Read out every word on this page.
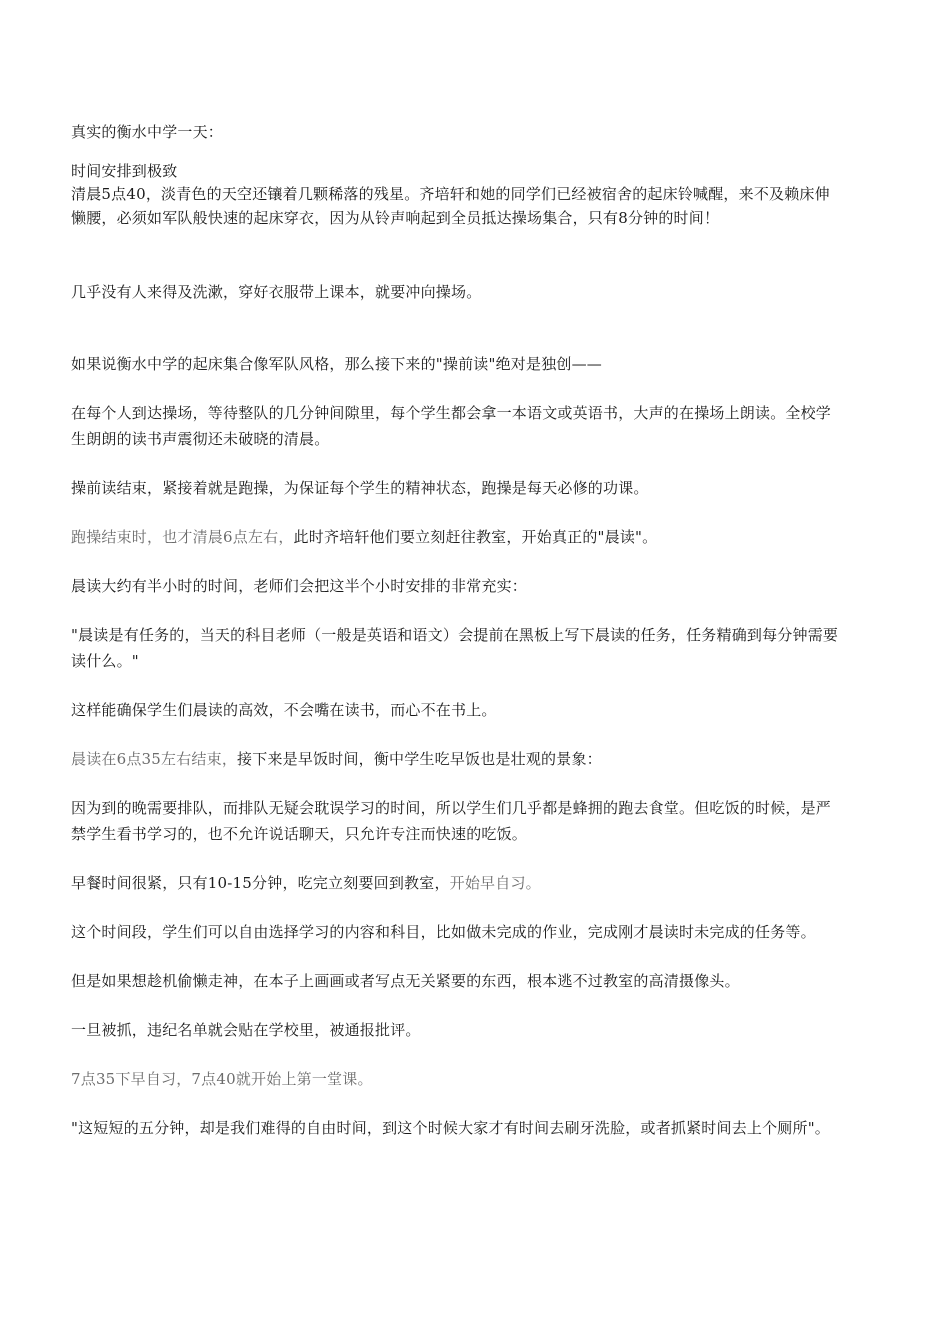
真实的衡水中学一天：
时间安排到极致
清晨5点40，淡青色的天空还镶着几颗稀落的残星。齐培轩和她的同学们已经被宿舍的起床铃喊醒，来不及赖床伸
懒腰，必须如军队般快速的起床穿衣，因为从铃声响起到全员抵达操场集合，只有8分钟的时间！
几乎没有人来得及洗漱，穿好衣服带上课本，就要冲向操场。
如果说衡水中学的起床集合像军队风格，那么接下来的"操前读"绝对是独创——
在每个人到达操场，等待整队的几分钟间隙里，每个学生都会拿一本语文或英语书，大声的在操场上朗读。全校学
生朗朗的读书声震彻还未破晓的清晨。
操前读结束，紧接着就是跑操，为保证每个学生的精神状态，跑操是每天必修的功课。
跑操结束时，也才清晨6点左右，此时齐培轩他们要立刻赶往教室，开始真正的"晨读"。
晨读大约有半小时的时间，老师们会把这半个小时安排的非常充实：
"晨读是有任务的，当天的科目老师（一般是英语和语文）会提前在黑板上写下晨读的任务，任务精确到每分钟需要
读什么。"
这样能确保学生们晨读的高效，不会嘴在读书，而心不在书上。
晨读在6点35左右结束，接下来是早饭时间，衡中学生吃早饭也是壮观的景象：
因为到的晚需要排队，而排队无疑会耽误学习的时间，所以学生们几乎都是蜂拥的跑去食堂。但吃饭的时候，是严
禁学生看书学习的，也不允许说话聊天，只允许专注而快速的吃饭。
早餐时间很紧，只有10-15分钟，吃完立刻要回到教室，开始早自习。
这个时间段，学生们可以自由选择学习的内容和科目，比如做未完成的作业，完成刚才晨读时未完成的任务等。
但是如果想趁机偷懒走神，在本子上画画或者写点无关紧要的东西，根本逃不过教室的高清摄像头。
一旦被抓，违纪名单就会贴在学校里，被通报批评。
7点35下早自习，7点40就开始上第一堂课。
"这短短的五分钟，却是我们难得的自由时间，到这个时候大家才有时间去刷牙洗脸，或者抓紧时间去上个厕所"。
